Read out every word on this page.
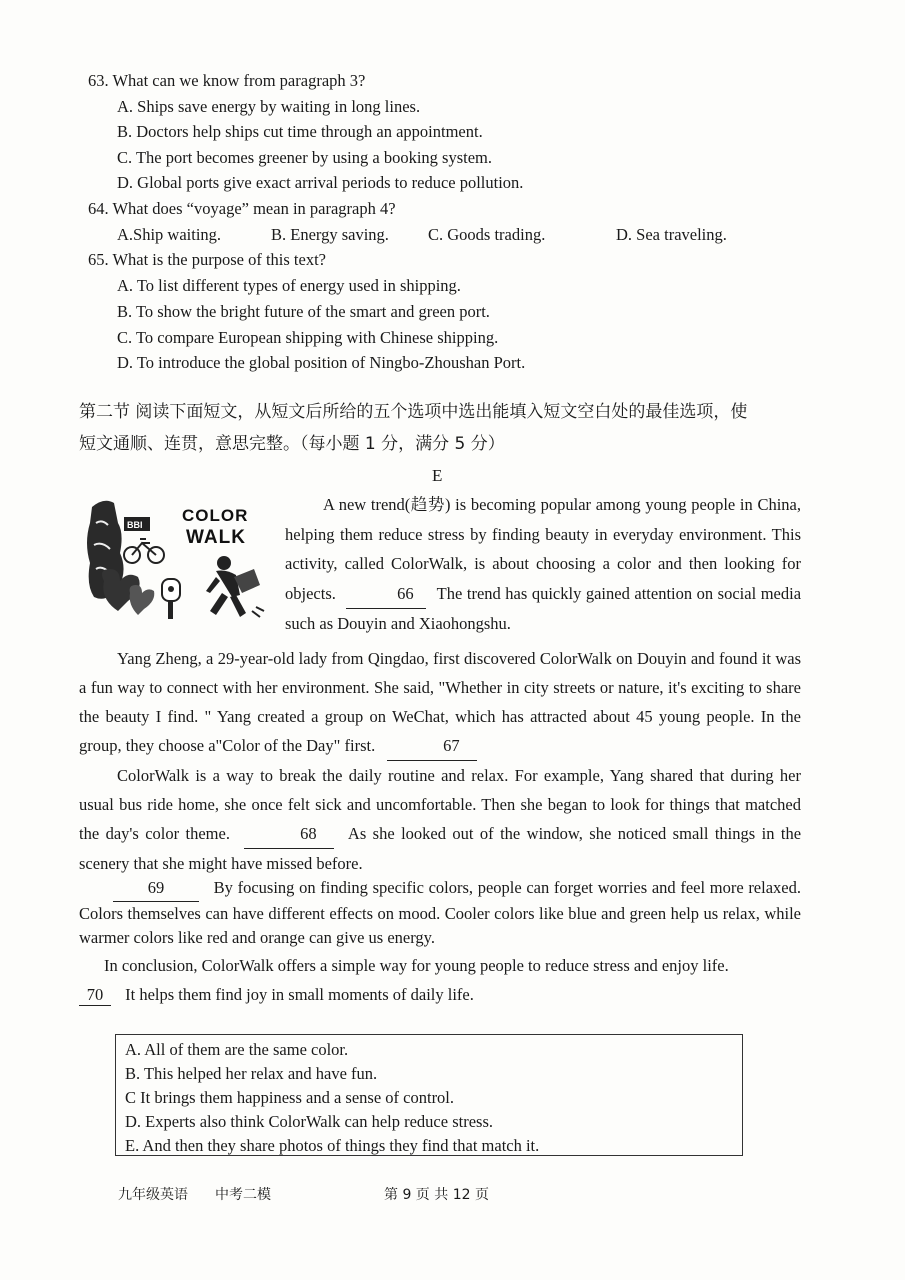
63. What can we know from paragraph 3?
A. Ships save energy by waiting in long lines.
B. Doctors help ships cut time through an appointment.
C. The port becomes greener by using a booking system.
D. Global ports give exact arrival periods to reduce pollution.
64. What does “voyage” mean in paragraph 4?
A.Ship waiting.	B. Energy saving. C. Goods trading.	D. Sea traveling.
65. What is the purpose of this text?
A. To list different types of energy used in shipping.
B. To show the bright future of the smart and green port.
C. To compare European shipping with Chinese shipping.
D. To introduce the global position of Ningbo-Zhoushan Port.
第二节 阅读下面短文，从短文后所给的五个选项中选出能填入短文空白处的最佳选项，使
短文通顺、连贯，意思完整。（每小题 1 分，满分 5 分）
E
BBI COLOR
WALK
A new trend(趋势) is becoming popular among young people in China, helping them reduce stress by finding beauty in everyday environment. This activity, called ColorWalk, is about choosing a color and then looking for objects.	66 The trend has quickly gained attention on social media such as Douyin and Xiaohongshu.
Yang Zheng, a 29-year-old lady from Qingdao, first discovered ColorWalk on Douyin and found it was a fun way to connect with her environment. She said, "Whether in city streets or nature, it's exciting to share the beauty I find. " Yang created a group on WeChat, which has attracted about 45 young people. In the group, they choose a"Color of the Day" first.	67
ColorWalk is a way to break the daily routine and relax. For example, Yang shared that during her usual bus ride home, she once felt sick and uncomfortable. Then she began to look for things that matched the day's color theme.	68 As she looked out of the window, she noticed small things in the scenery that she might have missed before.
69	By focusing on finding specific colors, people can forget worries and feel more relaxed. Colors themselves can have different effects on mood. Cooler colors like blue and green help us relax, while warmer colors like red and orange can give us energy.
In conclusion, ColorWalk offers a simple way for young people to reduce stress and enjoy life.
70 It helps them find joy in small moments of daily life.
A. All of them are the same color.
B. This helped her relax and have fun.
C It brings them happiness and a sense of control.
D. Experts also think ColorWalk can help reduce stress.
E. And then they share photos of things they find that match it.
九年级英语 中考二模	第 9 页 共 12 页
